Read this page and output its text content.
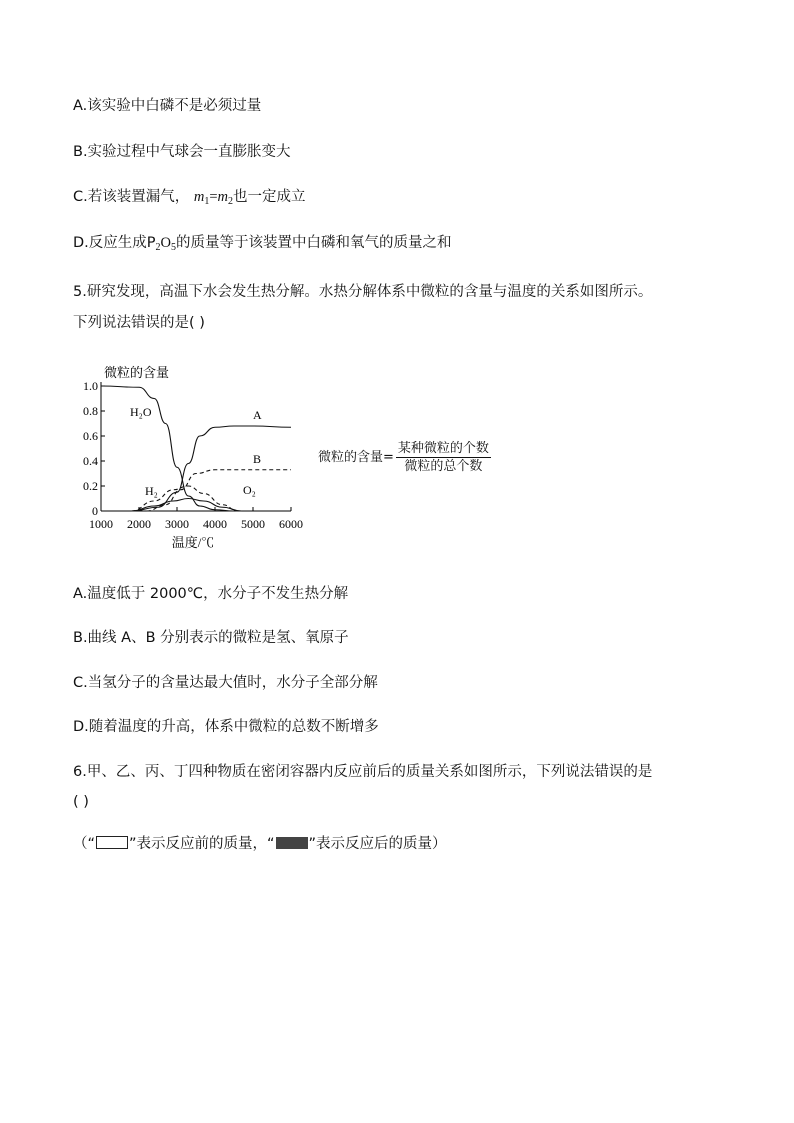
A.该实验中白磷不是必须过量
B.实验过程中气球会一直膨胀变大
C.若该装置漏气， $m_1=m_2$也一定成立
D.反应生成$P_2O_5$的质量等于该装置中白磷和氧气的质量之和
5.研究发现，高温下水会发生热分解。水热分解体系中微粒的含量与温度的关系如图所示。
下列说法错误的是( )
微粒的含量
温度/℃
0
0.2
0.4
0.6
0.8
1.0
1000 2000 3000 4000 5000 6000
H₂O	A
B
H₂	O₂
微粒的含量= $\frac{\text{某种微粒的个数}}{\text{微粒的总个数}}$
A.温度低于 2000℃，水分子不发生热分解
B.曲线 A、B 分别表示的微粒是氢、氧原子
C.当氢分子的含量达最大值时，水分子全部分解
D.随着温度的升高，体系中微粒的总数不断增多
6.甲、乙、丙、丁四种物质在密闭容器内反应前后的质量关系如图所示，下列说法错误的是
( )
（“ ”表示反应前的质量，“ ”表示反应后的质量）
